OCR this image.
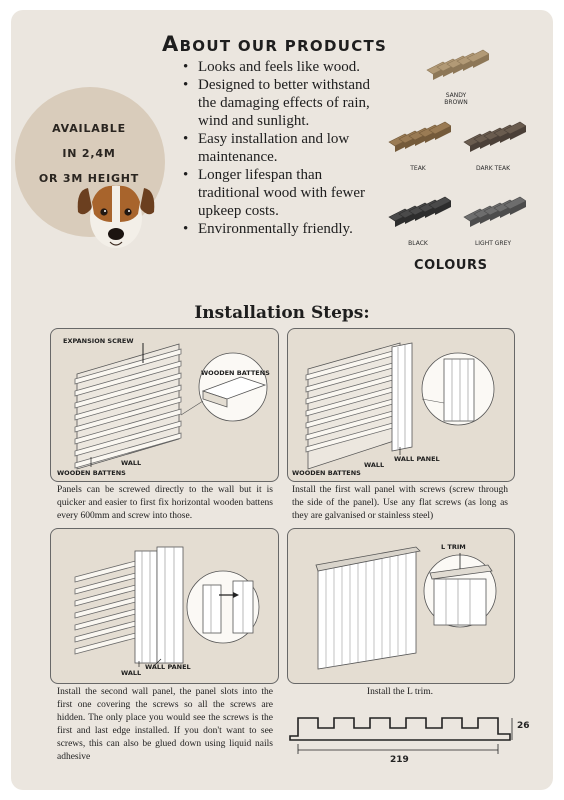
ABOUT OUR PRODUCTS
• Looks and feels like wood.
• Designed to better withstand the damaging effects of rain, wind and sunlight.
• Easy installation and low maintenance.
• Longer lifespan than traditional wood with fewer upkeep costs.
• Environmentally friendly.
AVAILABLE
IN 2,4M
OR 3M HEIGHT
SANDY
BROWN
TEAK	DARK TEAK
BLACK	LIGHT GREY
COLOURS
Installation Steps:
EXPANSION SCREW
WOODEN BATTENS
WALL
WOODEN BATTENS

Panels can be screwed directly to the wall but it is quicker and easier to first fix horizontal wooden battens every 600mm and screw into those.

WALL PANEL
WALL
WOODEN BATTENS

Install the first wall panel with screws (screw through the side of the panel). Use any flat screws (as long as they are galvanised or stainless steel)

WALL
WALL PANEL

Install the second wall panel, the panel slots into the first one covering the screws so all the screws are hidden. The only place you would see the screws is the first and last edge installed. If you don't want to see screws, this can also be glued down using liquid nails adhesive

L TRIM

Install the L trim.

26
219
